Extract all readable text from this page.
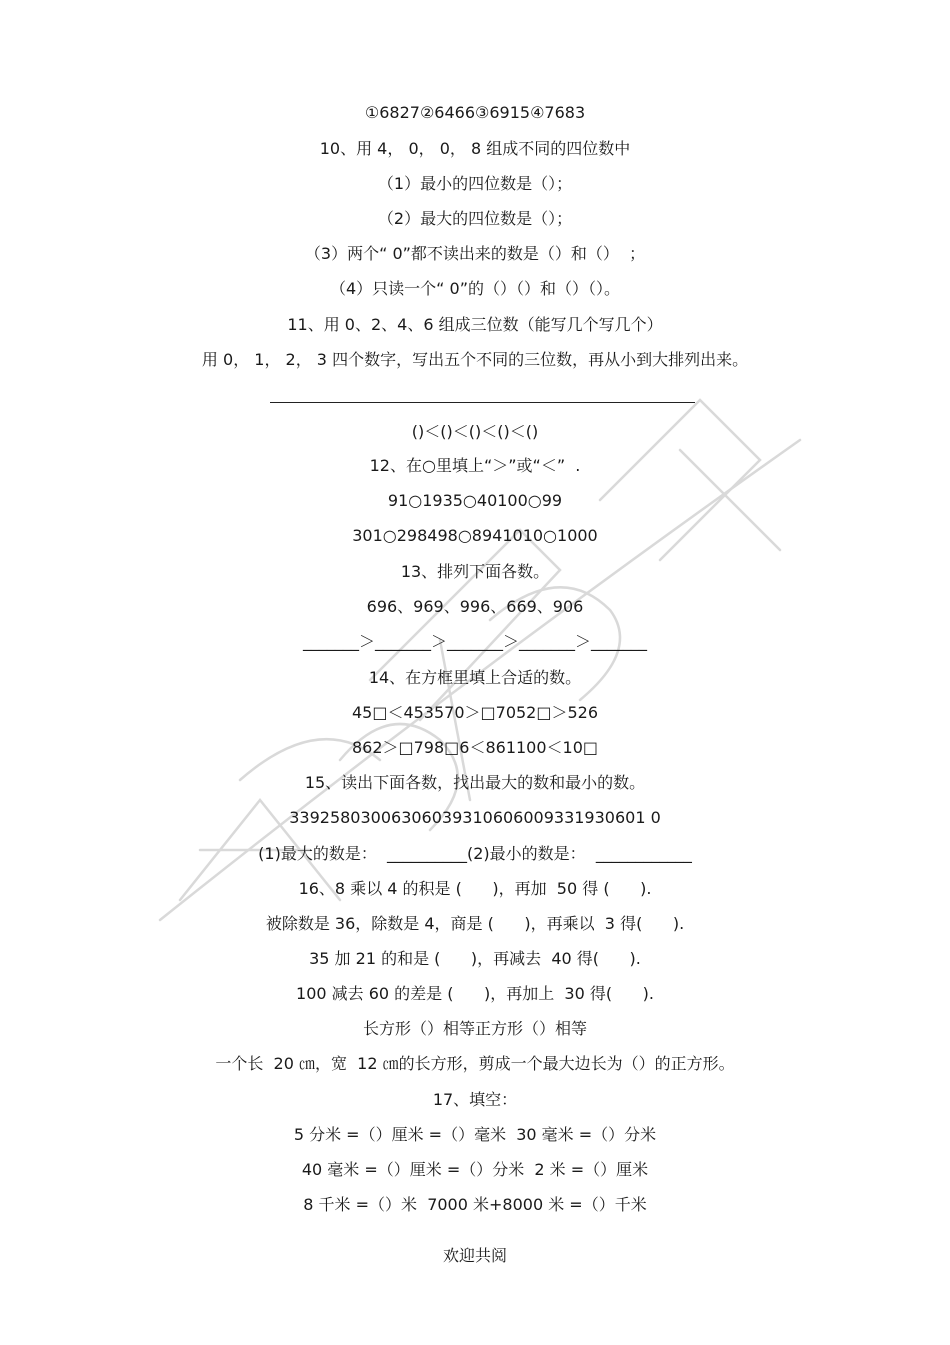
①6827②6466③6915④7683
10、用 4， 0， 0， 8 组成不同的四位数中
（1）最小的四位数是（）；
（2）最大的四位数是（）；
（3）两个“ 0”都不读出来的数是（）和（）  ；
（4）只读一个“ 0”的（）（）和（）（）。
11、用 0、2、4、6 组成三位数（能写几个写几个）
用 0， 1， 2， 3 四个数字，写出五个不同的三位数，再从小到大排列出来。
()＜()＜()＜()＜()
12、在○里填上“＞”或“＜”  .
91○1935○40100○99
301○298498○8941010○1000
13、排列下面各数。
696、969、996、669、906
_______＞_______＞_______＞_______＞_______
14、在方框里填上合适的数。
45□＜453570＞□7052□＞526
862＞□798□6＜861100＜10□
15、读出下面各数，找出最大的数和最小的数。
33925803006306039310606009331930601 0
(1)最大的数是：  __________(2)最小的数是：  ____________
16、8 乘以 4 的积是 (      )，再加  50 得 (      ).
被除数是 36，除数是 4，商是 (      )，再乘以  3 得(      ).
35 加 21 的和是 (      )，再减去  40 得(      ).
100 减去 60 的差是 (      )，再加上  30 得(      ).
长方形（）相等正方形（）相等
一个长  20 ㎝，宽  12 ㎝的长方形，剪成一个最大边长为（）的正方形。
17、填空：
5 分米 =（）厘米 =（）毫米  30 毫米 =（）分米
40 毫米 =（）厘米 =（）分米  2 米 =（）厘米
8 千米 =（）米  7000 米+8000 米 =（）千米
欢迎共阅
